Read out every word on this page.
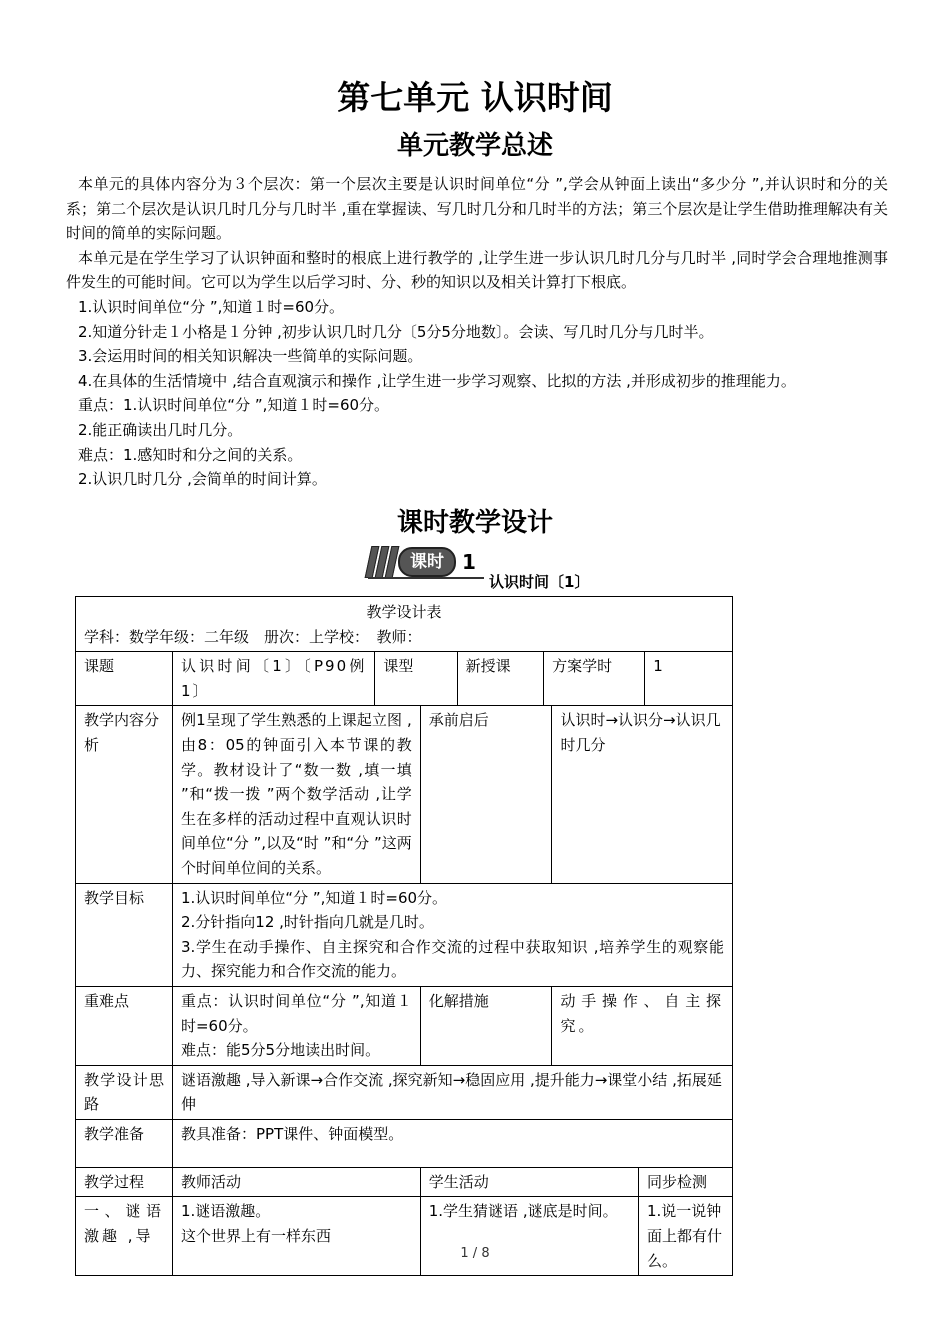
第七单元 认识时间
单元教学总述

本单元的具体内容分为３个层次：第一个层次主要是认识时间单位“分 ”,学会从钟面上读出“多少分 ”,并认识时和分的关系；第二个层次是认识几时几分与几时半 ,重在掌握读、写几时几分和几时半的方法；第三个层次是让学生借助推理解决有关时间的简单的实际问题。

本单元是在学生学习了认识钟面和整时的根底上进行教学的 ,让学生进一步认识几时几分与几时半 ,同时学会合理地推测事件发生的可能时间。它可以为学生以后学习时、分、秒的知识以及相关计算打下根底。

1.认识时间单位“分 ”,知道１时=60分。

2.知道分针走１小格是１分钟 ,初步认识几时几分〔5分5分地数〕。会读、写几时几分与几时半。

3.会运用时间的相关知识解决一些简单的实际问题。

4.在具体的生活情境中 ,结合直观演示和操作 ,让学生进一步学习观察、比拟的方法 ,并形成初步的推理能力。

重点：1.认识时间单位“分 ”,知道１时=60分。

2.能正确读出几时几分。

难点：1.感知时和分之间的关系。

2.认识几时几分 ,会简单的时间计算。

课时教学设计
课时 1
认识时间〔1〕
教学设计表
学科：数学年级：二年级　册次：上学校：　教师：								

课题	认识时间〔1〕〔P90例1〕	课型		新授课	方案学时			1
教学内容分析	例1呈现了学生熟悉的上课起立图 ,由8：05的钟面引入本节课的教学。教材设计了“数一数 ,填一填 ”和“拨一拨 ”两个数学活动 ,让学生在多样的活动过程中直观认识时间单位“分 ”,以及“时 ”和“分 ”这两个时间单位间的关系。		承前启后			认识时→认识分→认识几时几分		
教学目标	1.认识时间单位“分 ”,知道１时=60分。
2.分针指向12 ,时针指向几就是几时。
3.学生在动手操作、自主探究和合作交流的过程中获取知识 ,培养学生的观察能力、探究能力和合作交流的能力。							

重难点	重点：认识时间单位“分 ”,知道１时=60分。
难点：能5分5分地读出时间。		化解措施			动手操作、自主探究。		
教学设计思路	谜语激趣 ,导入新课→合作交流 ,探究新知→稳固应用 ,提升能力→课堂小结 ,拓展延伸							
教学准备	教具准备：PPT课件、钟面模型。							
教学过程	教师活动		学生活动				同步检测	
一、谜语激趣 ,导	1.谜语激趣。
这个世界上有一样东西		1.学生猜谜语 ,谜底是时间。				1.说一说钟面上都有什么。	
1 / 8
